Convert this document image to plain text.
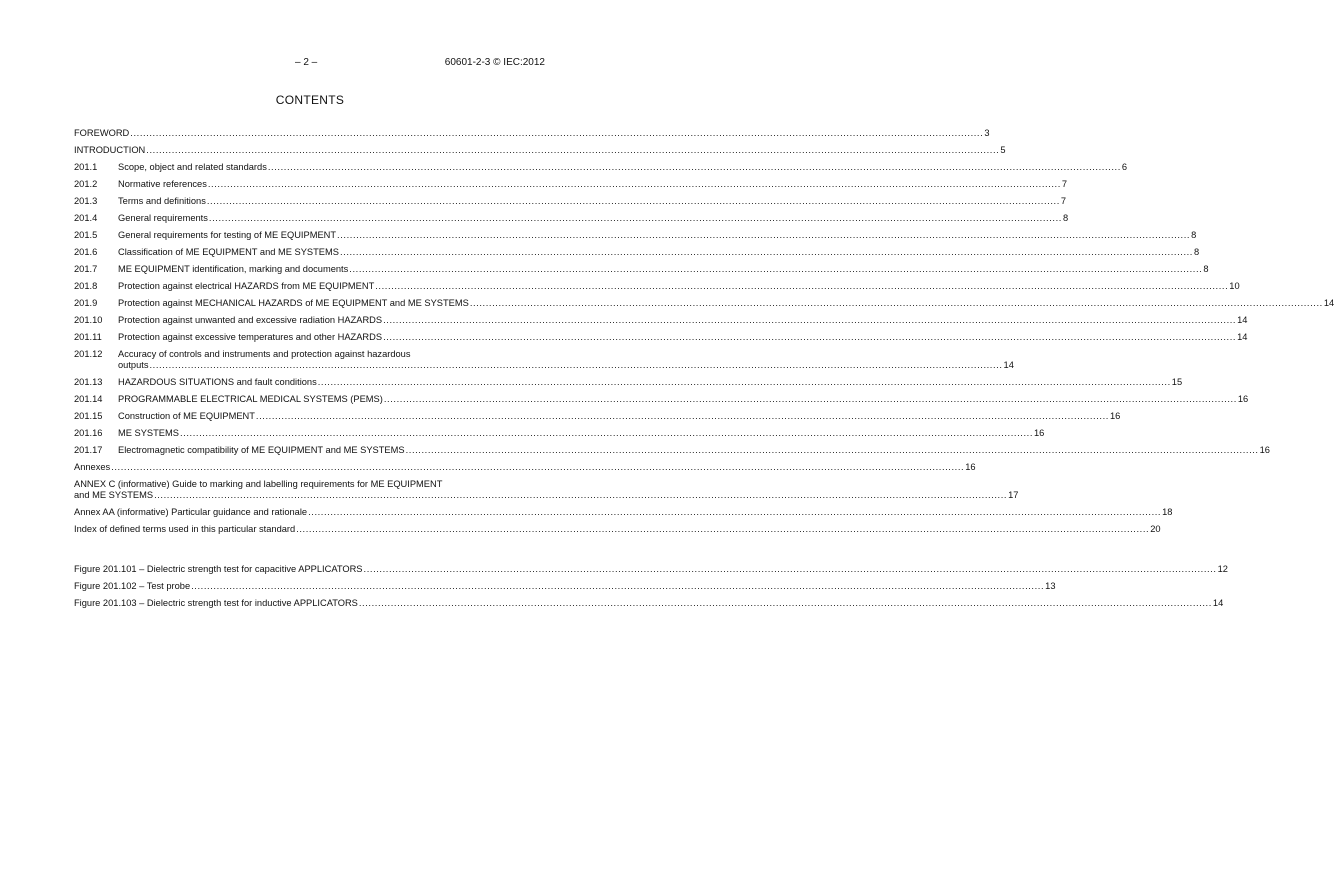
– 2 –	60601-2-3 © IEC:2012
CONTENTS
FOREWORD .....	3
INTRODUCTION .....	5
201.1	Scope, object and related standards .....	6
201.2	Normative references .....	7
201.3	Terms and definitions .....	7
201.4	General requirements .....	8
201.5	General requirements for testing of ME EQUIPMENT .....	8
201.6	Classification of ME EQUIPMENT and ME SYSTEMS .....	8
201.7	ME EQUIPMENT identification, marking and documents .....	8
201.8	Protection against electrical HAZARDS from ME EQUIPMENT .....	10
201.9	Protection against MECHANICAL HAZARDS of ME EQUIPMENT and ME SYSTEMS .....	14
201.10	Protection against unwanted and excessive radiation HAZARDS .....	14
201.11	Protection against excessive temperatures and other HAZARDS .....	14
201.12 Accuracy of controls and instruments and protection against hazardous
outputs .....	14
201.13	HAZARDOUS SITUATIONS and fault conditions .....	15
201.14	PROGRAMMABLE ELECTRICAL MEDICAL SYSTEMS (PEMS) .....	16
201.15	Construction of ME EQUIPMENT .....	16
201.16	ME SYSTEMS .....	16
201.17	Electromagnetic compatibility of ME EQUIPMENT and ME SYSTEMS .....	16
Annexes .....	16
ANNEX C (informative) Guide to marking and labelling requirements for ME EQUIPMENT
and ME SYSTEMS .....	17
Annex AA (informative) Particular guidance and rationale .....	18
Index of defined terms used in this particular standard .....	20
Figure 201.101 – Dielectric strength test for capacitive APPLICATORS .....	12
Figure 201.102 – Test probe .....	13
Figure 201.103 – Dielectric strength test for inductive APPLICATORS .....	14
